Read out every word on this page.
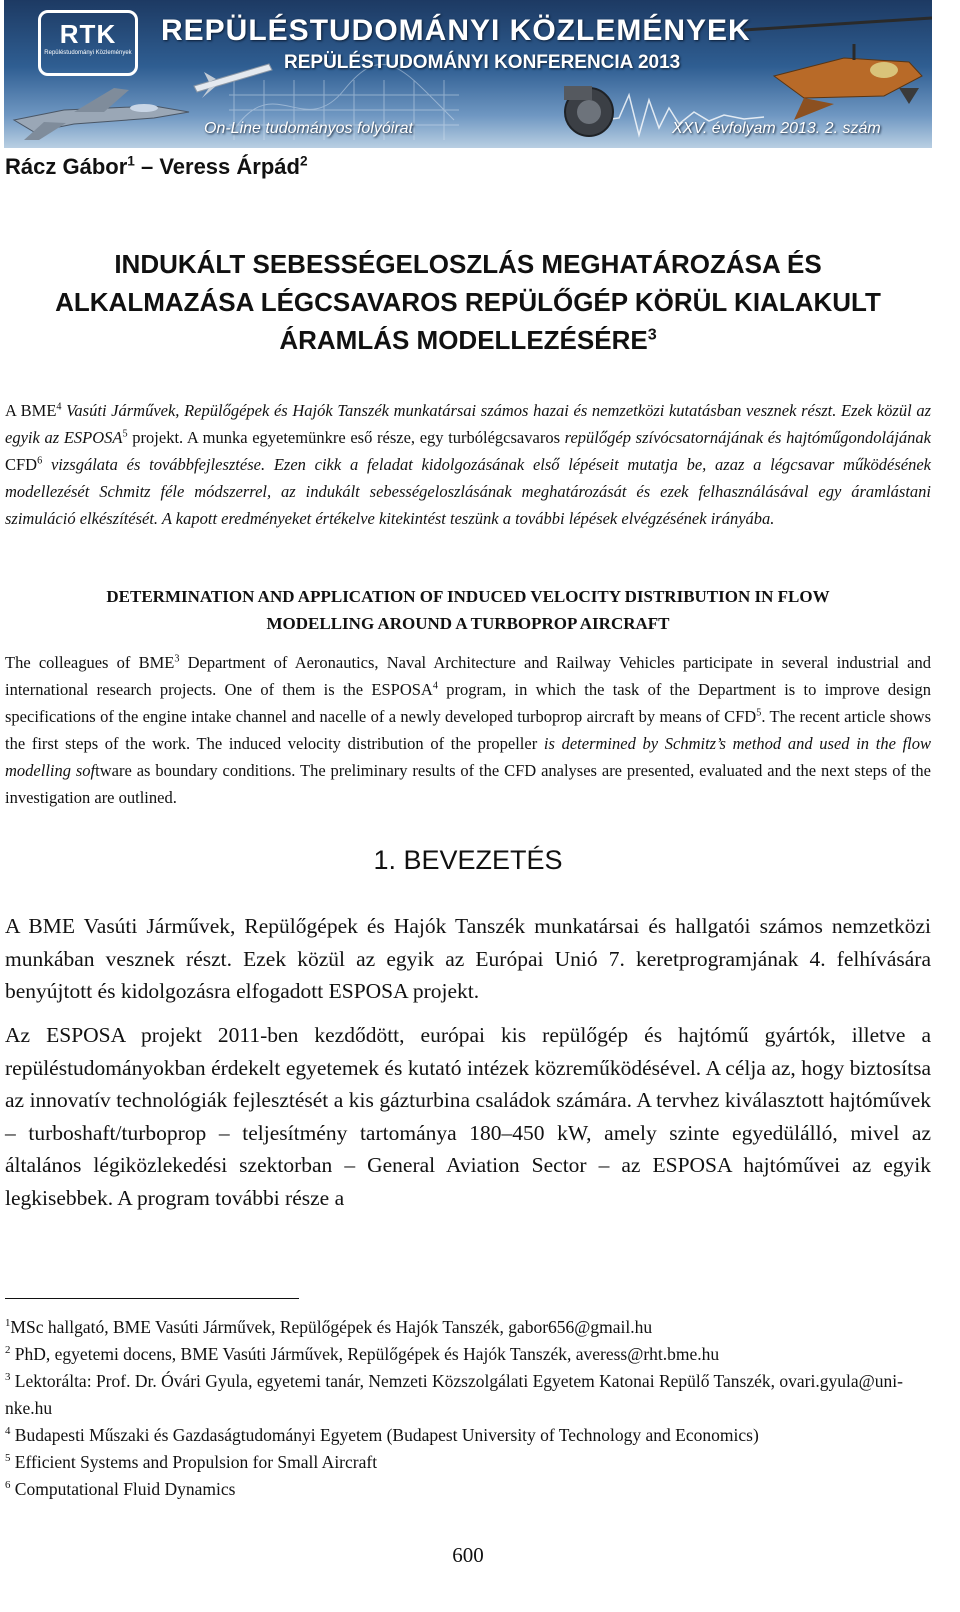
RTK
Repüléstudományi Közlemények
REPÜLÉSTUDOMÁNYI KÖZLEMÉNYEK
REPÜLÉSTUDOMÁNYI KONFERENCIA 2013
On-Line tudományos folyóirat	XXV. évfolyam 2013. 2. szám
Rácz Gábor$^1$ – Veress Árpád$^2$
INDUKÁLT SEBESSÉGELOSZLÁS MEGHATÁROZÁSA ÉS
ALKALMAZÁSA LÉGCSAVAROS REPÜLŐGÉP KÖRÜL KIALAKULT
ÁRAMLÁS MODELLEZÉSÉRE$^3$

A BME$^4$ Vasúti Járművek, Repülőgépek és Hajók Tanszék munkatársai számos hazai és nemzetközi kutatásban vesznek részt. Ezek közül az egyik az ESPOSA$^5$ projekt. A munka egyetemünkre eső része, egy turbólégcsavaros repülőgép szívócsatornájának és hajtóműgondolájának CFD$^6$ vizsgálata és továbbfejlesztése. Ezen cikk a feladat kidolgozásának első lépéseit mutatja be, azaz a légcsavar működésének modellezését Schmitz féle módszerrel, az indukált sebességeloszlásának meghatározását és ezek felhasználásával egy áramlástani szimuláció elkészítését. A kapott eredményeket értékelve kitekintést teszünk a további lépések elvégzésének irányába.

DETERMINATION AND APPLICATION OF INDUCED VELOCITY DISTRIBUTION IN FLOW
MODELLING AROUND A TURBOPROP AIRCRAFT

The colleagues of BME$^3$ Department of Aeronautics, Naval Architecture and Railway Vehicles participate in several industrial and international research projects. One of them is the ESPOSA$^4$ program, in which the task of the Department is to improve design specifications of the engine intake channel and nacelle of a newly developed turboprop aircraft by means of CFD$^5$. The recent article shows the first steps of the work. The induced velocity distribution of the propeller is determined by Schmitz’s method and used in the flow modelling software as boundary conditions. The preliminary results of the CFD analyses are presented, evaluated and the next steps of the investigation are outlined.

1. BEVEZETÉS

A BME Vasúti Járművek, Repülőgépek és Hajók Tanszék munkatársai és hallgatói számos nemzetközi munkában vesznek részt. Ezek közül az egyik az Európai Unió 7. keretprogramjának 4. felhívására benyújtott és kidolgozásra elfogadott ESPOSA projekt.

Az ESPOSA projekt 2011-ben kezdődött, európai kis repülőgép és hajtómű gyártók, illetve a repüléstudományokban érdekelt egyetemek és kutató intézek közreműködésével. A célja az, hogy biztosítsa az innovatív technológiák fejlesztését a kis gázturbina családok számára. A tervhez kiválasztott hajtóművek – turboshaft/turboprop – teljesítmény tartománya 180–450 kW, amely szinte egyedülálló, mivel az általános légiközlekedési szektorban – General Aviation Sector – az ESPOSA hajtóművei az egyik legkisebbek. A program további része a

$^1$MSc hallgató, BME Vasúti Járművek, Repülőgépek és Hajók Tanszék, gabor656@gmail.hu
$^2$ PhD, egyetemi docens, BME Vasúti Járművek, Repülőgépek és Hajók Tanszék, averess@rht.bme.hu
$^3$ Lektorálta: Prof. Dr. Óvári Gyula, egyetemi tanár, Nemzeti Közszolgálati Egyetem Katonai Repülő Tanszék, ovari.gyula@uni-nke.hu
$^4$ Budapesti Műszaki és Gazdaságtudományi Egyetem (Budapest University of Technology and Economics)
$^5$ Efficient Systems and Propulsion for Small Aircraft
$^6$ Computational Fluid Dynamics
600
